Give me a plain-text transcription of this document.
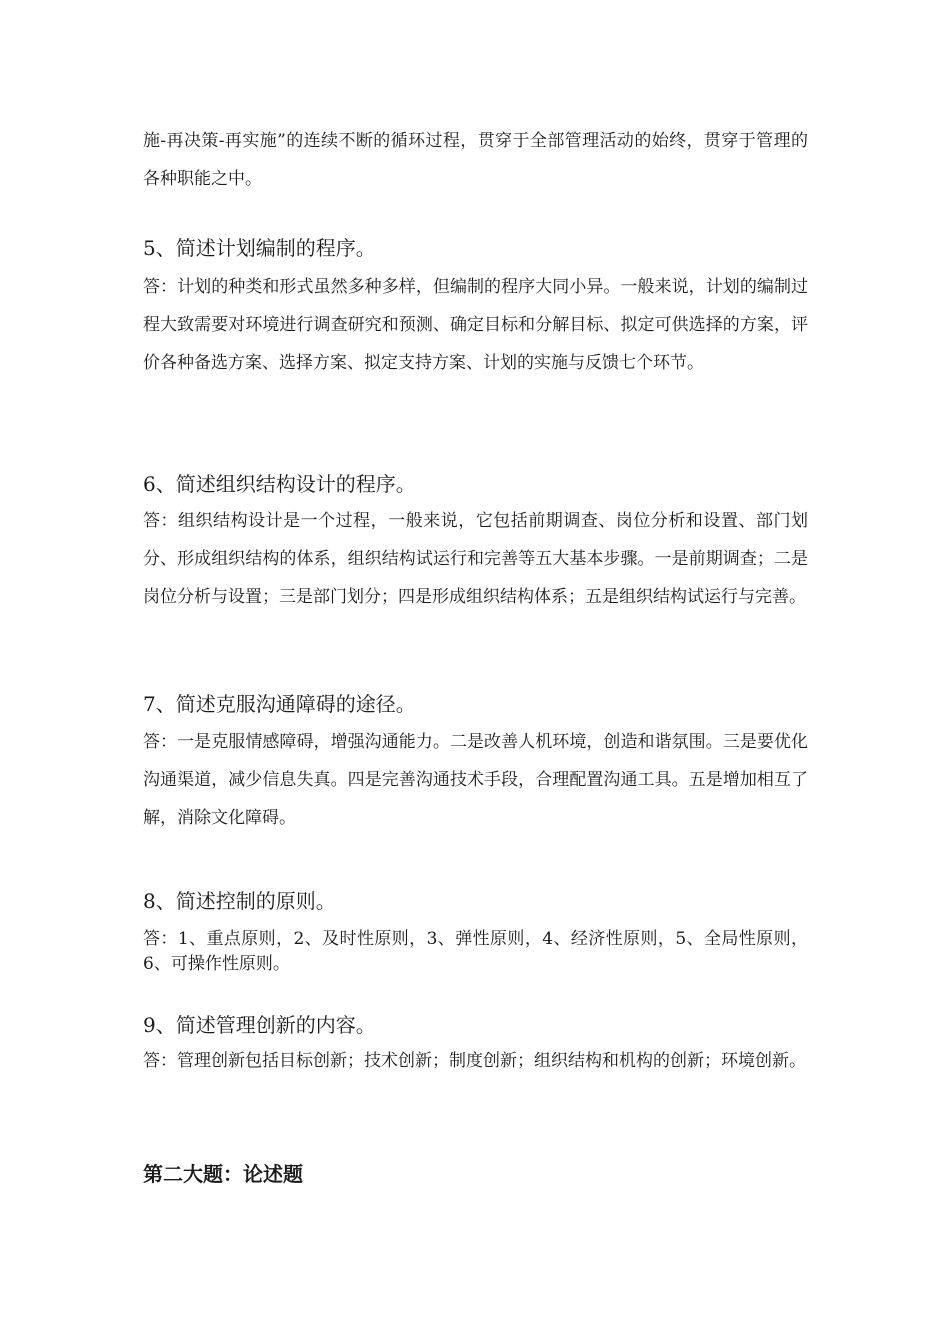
施-再决策-再实施”的连续不断的循环过程，贯穿于全部管理活动的始终，贯穿于管理的各种职能之中。

5、简述计划编制的程序。

答：计划的种类和形式虽然多种多样，但编制的程序大同小异。一般来说，计划的编制过程大致需要对环境进行调查研究和预测、确定目标和分解目标、拟定可供选择的方案，评价各种备选方案、选择方案、拟定支持方案、计划的实施与反馈七个环节。

6、简述组织结构设计的程序。

答：组织结构设计是一个过程，一般来说，它包括前期调查、岗位分析和设置、部门划分、形成组织结构的体系，组织结构试运行和完善等五大基本步骤。一是前期调查；二是岗位分析与设置；三是部门划分；四是形成组织结构体系；五是组织结构试运行与完善。

7、简述克服沟通障碍的途径。

答：一是克服情感障碍，增强沟通能力。二是改善人机环境，创造和谐氛围。三是要优化沟通渠道，减少信息失真。四是完善沟通技术手段，合理配置沟通工具。五是增加相互了解，消除文化障碍。

8、简述控制的原则。

答：1、重点原则，2、及时性原则，3、弹性原则，4、经济性原则，5、全局性原则，6、可操作性原则。

9、简述管理创新的内容。

答：管理创新包括目标创新；技术创新；制度创新；组织结构和机构的创新；环境创新。

第二大题：论述题
